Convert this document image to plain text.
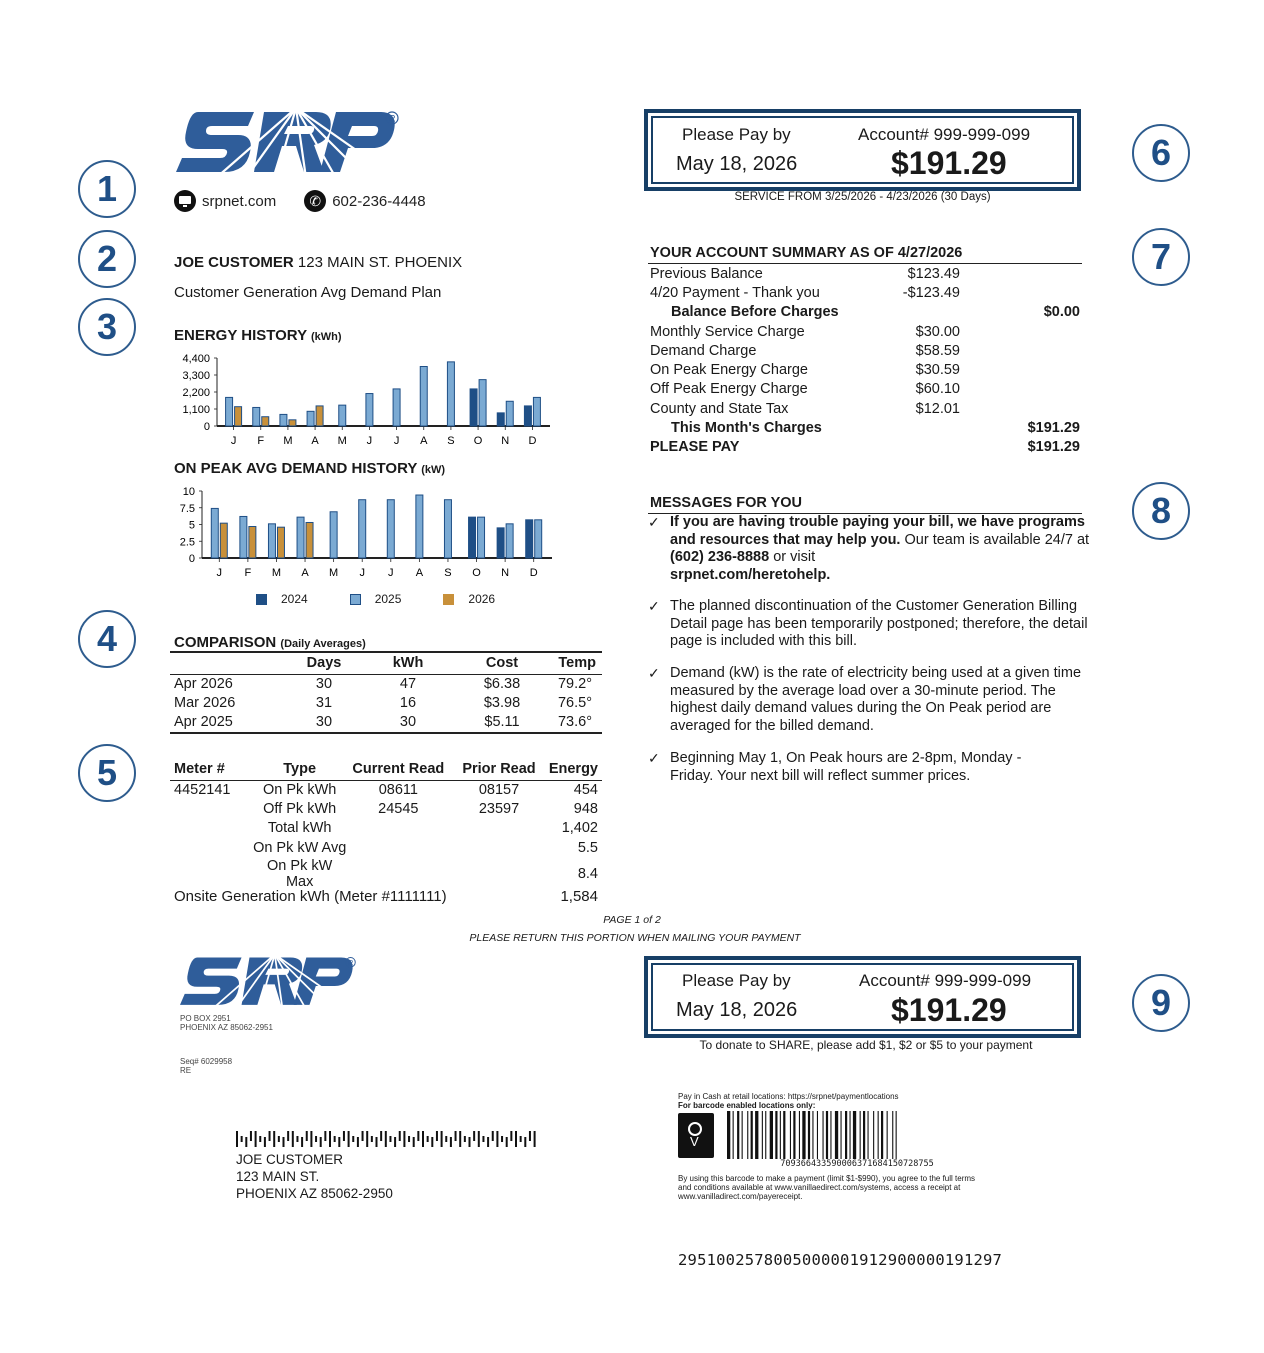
1
2
3
4
5
6
7
8
9
R
srpnet.com	✆ 602-236-4448
JOE CUSTOMER 123 MAIN ST. PHOENIX
Customer Generation Avg Demand Plan
ENERGY HISTORY (kWh)
4,400
3,300
2,200
1,100
0
J F M A M J J A S O N D
ON PEAK AVG DEMAND HISTORY (kW)
10
7.5
5
2.5
0
J F M A M J J A S O N D
2024	2025	2026
COMPARISON (Daily Averages)
	Days	kWh	Cost	Temp
Apr 2026	30	47	$6.38	79.2°
Mar 2026	31	16	$3.98	76.5°
Apr 2025	30	30	$5.11	73.6°
Meter #	Type	Current Read	Prior Read	Energy
4452141	On Pk kWh	08611	08157	454
	Off Pk kWh	24545	23597	948
	Total kWh			1,402
	On Pk kW Avg			5.5
	On Pk kW Max			8.4
Onsite Generation kWh (Meter #1111111)	1,584
Please Pay by
May 18, 2026
Account# 999-999-099
$191.29
SERVICE FROM 3/25/2026 - 4/23/2026 (30 Days)
YOUR ACCOUNT SUMMARY AS OF 4/27/2026
Previous Balance	$123.49	
4/20 Payment - Thank you	-$123.49	
Balance Before Charges		$0.00
Monthly Service Charge	$30.00	
Demand Charge	$58.59	
On Peak Energy Charge	$30.59	
Off Peak Energy Charge	$60.10	
County and State Tax	$12.01	
This Month's Charges		$191.29
PLEASE PAY		$191.29
MESSAGES FOR YOU
✓ If you are having trouble paying your bill, we have programs and resources that may help you. Our team is available 24/7 at (602) 236-8888 or visit
srpnet.com/heretohelp.
✓ The planned discontinuation of the Customer Generation Billing Detail page has been temporarily postponed; therefore, the detail page is included with this bill.
✓ Demand (kW) is the rate of electricity being used at a given time measured by the average load over a 30-minute period. The highest daily demand values during the On Peak period are averaged for the billed demand.
✓ Beginning May 1, On Peak hours are 2-8pm, Monday - Friday. Your next bill will reflect summer prices.
PAGE 1 of 2
PLEASE RETURN THIS PORTION WHEN MAILING YOUR PAYMENT
R
PO BOX 2951
PHOENIX AZ 85062-2951
Seq# 6029958
RE
Please Pay by
May 18, 2026
Account# 999-999-099
$191.29
To donate to SHARE, please add $1, $2 or $5 to your payment
Pay in Cash at retail locations: https://srpnet/paymentlocations
For barcode enabled locations only:
V
7093664335900063716841507287​55
By using this barcode to make a payment (limit $1-$990), you agree to the full terms and conditions available at www.vanillaedirect.com/systems, access a receipt at www.vanilladirect.com/payereceipt.
JOE CUSTOMER
123 MAIN ST.
PHOENIX AZ 85062-2950
2951002578005000001912900000191297
